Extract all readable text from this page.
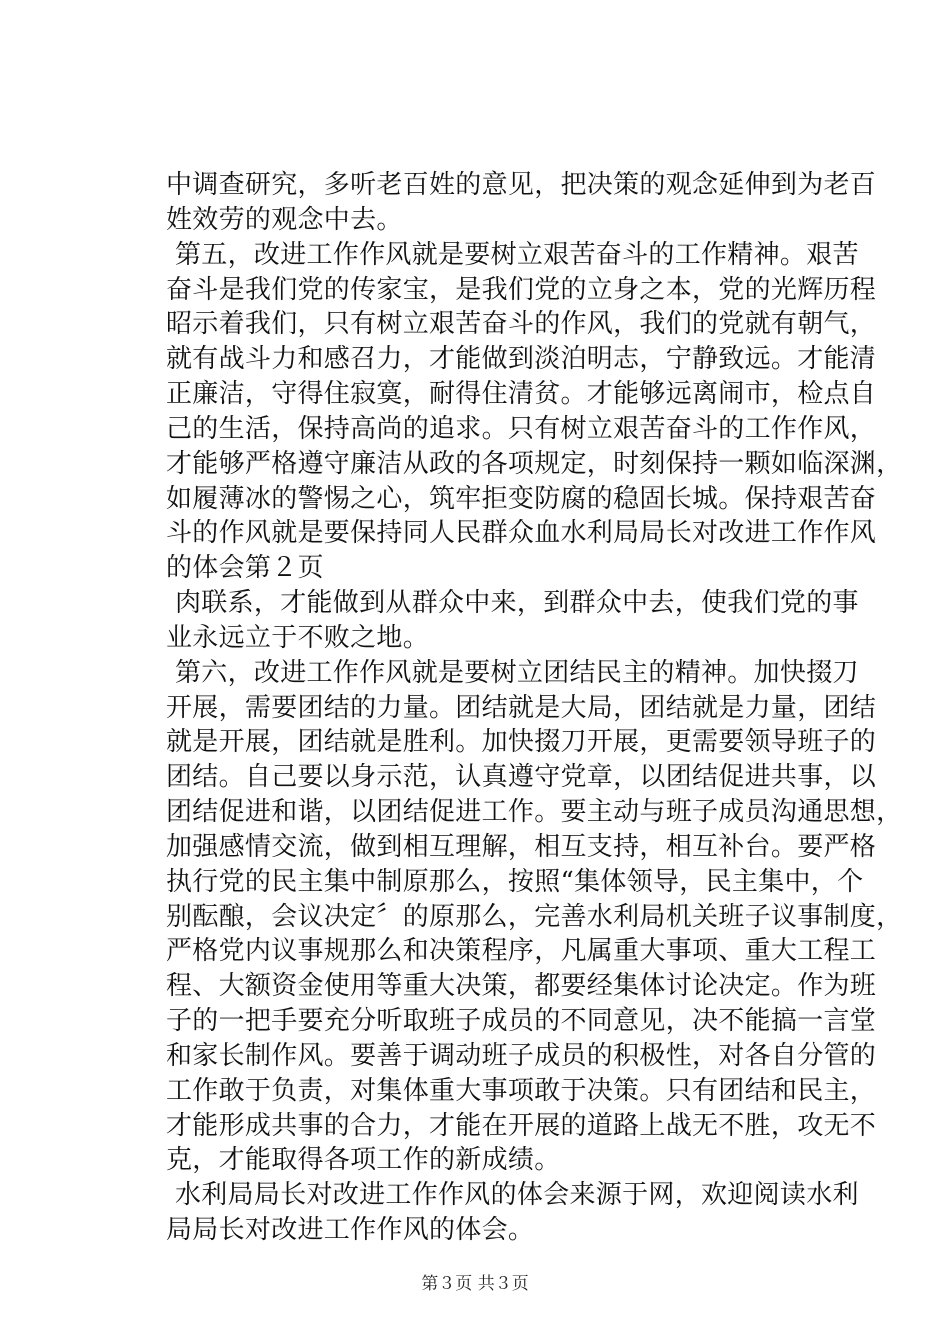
中调查研究，多听老百姓的意见，把决策的观念延伸到为老百
姓效劳的观念中去。
第五，改进工作作风就是要树立艰苦奋斗的工作精神。艰苦
奋斗是我们党的传家宝，是我们党的立身之本，党的光辉历程
昭示着我们，只有树立艰苦奋斗的作风，我们的党就有朝气，
就有战斗力和感召力，才能做到淡泊明志，宁静致远。才能清
正廉洁，守得住寂寞，耐得住清贫。才能够远离闹市，检点自
己的生活，保持高尚的追求。只有树立艰苦奋斗的工作作风，
才能够严格遵守廉洁从政的各项规定，时刻保持一颗如临深渊，
如履薄冰的警惕之心，筑牢拒变防腐的稳固长城。保持艰苦奋
斗的作风就是要保持同人民群众血水利局局长对改进工作作风
的体会第２页
肉联系，才能做到从群众中来，到群众中去，使我们党的事
业永远立于不败之地。
第六，改进工作作风就是要树立团结民主的精神。加快掇刀
开展，需要团结的力量。团结就是大局，团结就是力量，团结
就是开展，团结就是胜利。加快掇刀开展，更需要领导班子的
团结。自己要以身示范，认真遵守党章，以团结促进共事，以
团结促进和谐，以团结促进工作。要主动与班子成员沟通思想，
加强感情交流，做到相互理解，相互支持，相互补台。要严格
执行党的民主集中制原那么，按照“集体领导，民主集中，个
别酝酿，会议决定〞的原那么，完善水利局机关班子议事制度，
严格党内议事规那么和决策程序，凡属重大事项、重大工程工
程、大额资金使用等重大决策，都要经集体讨论决定。作为班
子的一把手要充分听取班子成员的不同意见，决不能搞一言堂
和家长制作风。要善于调动班子成员的积极性，对各自分管的
工作敢于负责，对集体重大事项敢于决策。只有团结和民主，
才能形成共事的合力，才能在开展的道路上战无不胜，攻无不
克，才能取得各项工作的新成绩。
水利局局长对改进工作作风的体会来源于网，欢迎阅读水利
局局长对改进工作作风的体会。
第３页 共３页
